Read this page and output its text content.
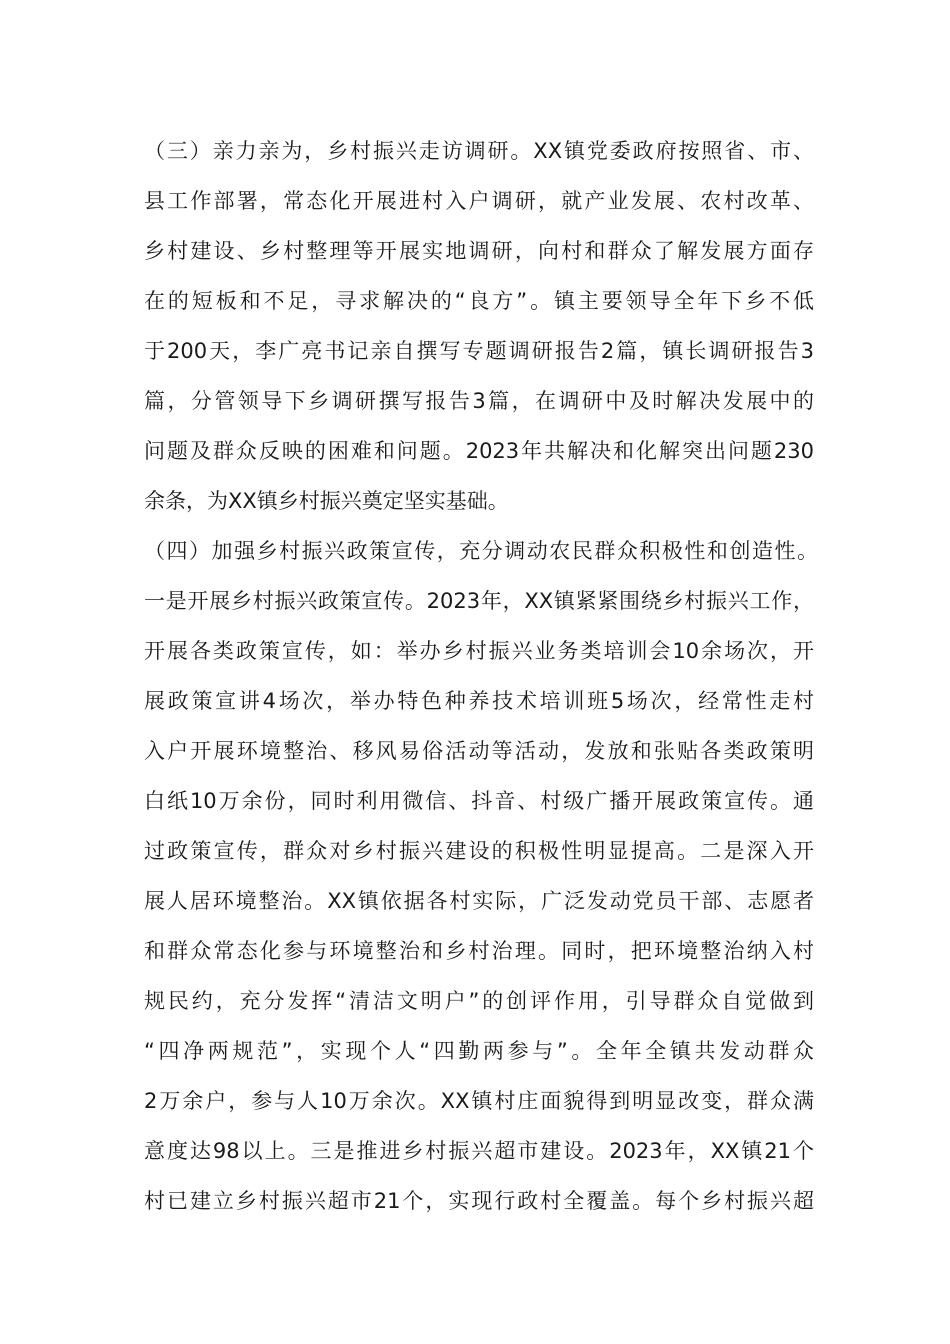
（三）亲力亲为，乡村振兴走访调研。XX镇党委政府按照省、市、

县工作部署，常态化开展进村入户调研，就产业发展、农村改革、

乡村建设、乡村整理等开展实地调研，向村和群众了解发展方面存

在的短板和不足，寻求解决的“良方”。镇主要领导全年下乡不低

于200天，李广亮书记亲自撰写专题调研报告2篇，镇长调研报告3

篇，分管领导下乡调研撰写报告3篇，在调研中及时解决发展中的

问题及群众反映的困难和问题。2023年共解决和化解突出问题230

余条，为XX镇乡村振兴奠定坚实基础。

（四）加强乡村振兴政策宣传，充分调动农民群众积极性和创造性。

一是开展乡村振兴政策宣传。2023年，XX镇紧紧围绕乡村振兴工作，

开展各类政策宣传，如：举办乡村振兴业务类培训会10余场次，开

展政策宣讲4场次，举办特色种养技术培训班5场次，经常性走村

入户开展环境整治、移风易俗活动等活动，发放和张贴各类政策明

白纸10万余份，同时利用微信、抖音、村级广播开展政策宣传。通

过政策宣传，群众对乡村振兴建设的积极性明显提高。二是深入开

展人居环境整治。XX镇依据各村实际，广泛发动党员干部、志愿者

和群众常态化参与环境整治和乡村治理。同时，把环境整治纳入村

规民约，充分发挥“清洁文明户”的创评作用，引导群众自觉做到

“四净两规范”，实现个人“四勤两参与”。全年全镇共发动群众

2万余户，参与人10万余次。XX镇村庄面貌得到明显改变，群众满

意度达98以上。三是推进乡村振兴超市建设。2023年，XX镇21个

村已建立乡村振兴超市21个，实现行政村全覆盖。每个乡村振兴超
